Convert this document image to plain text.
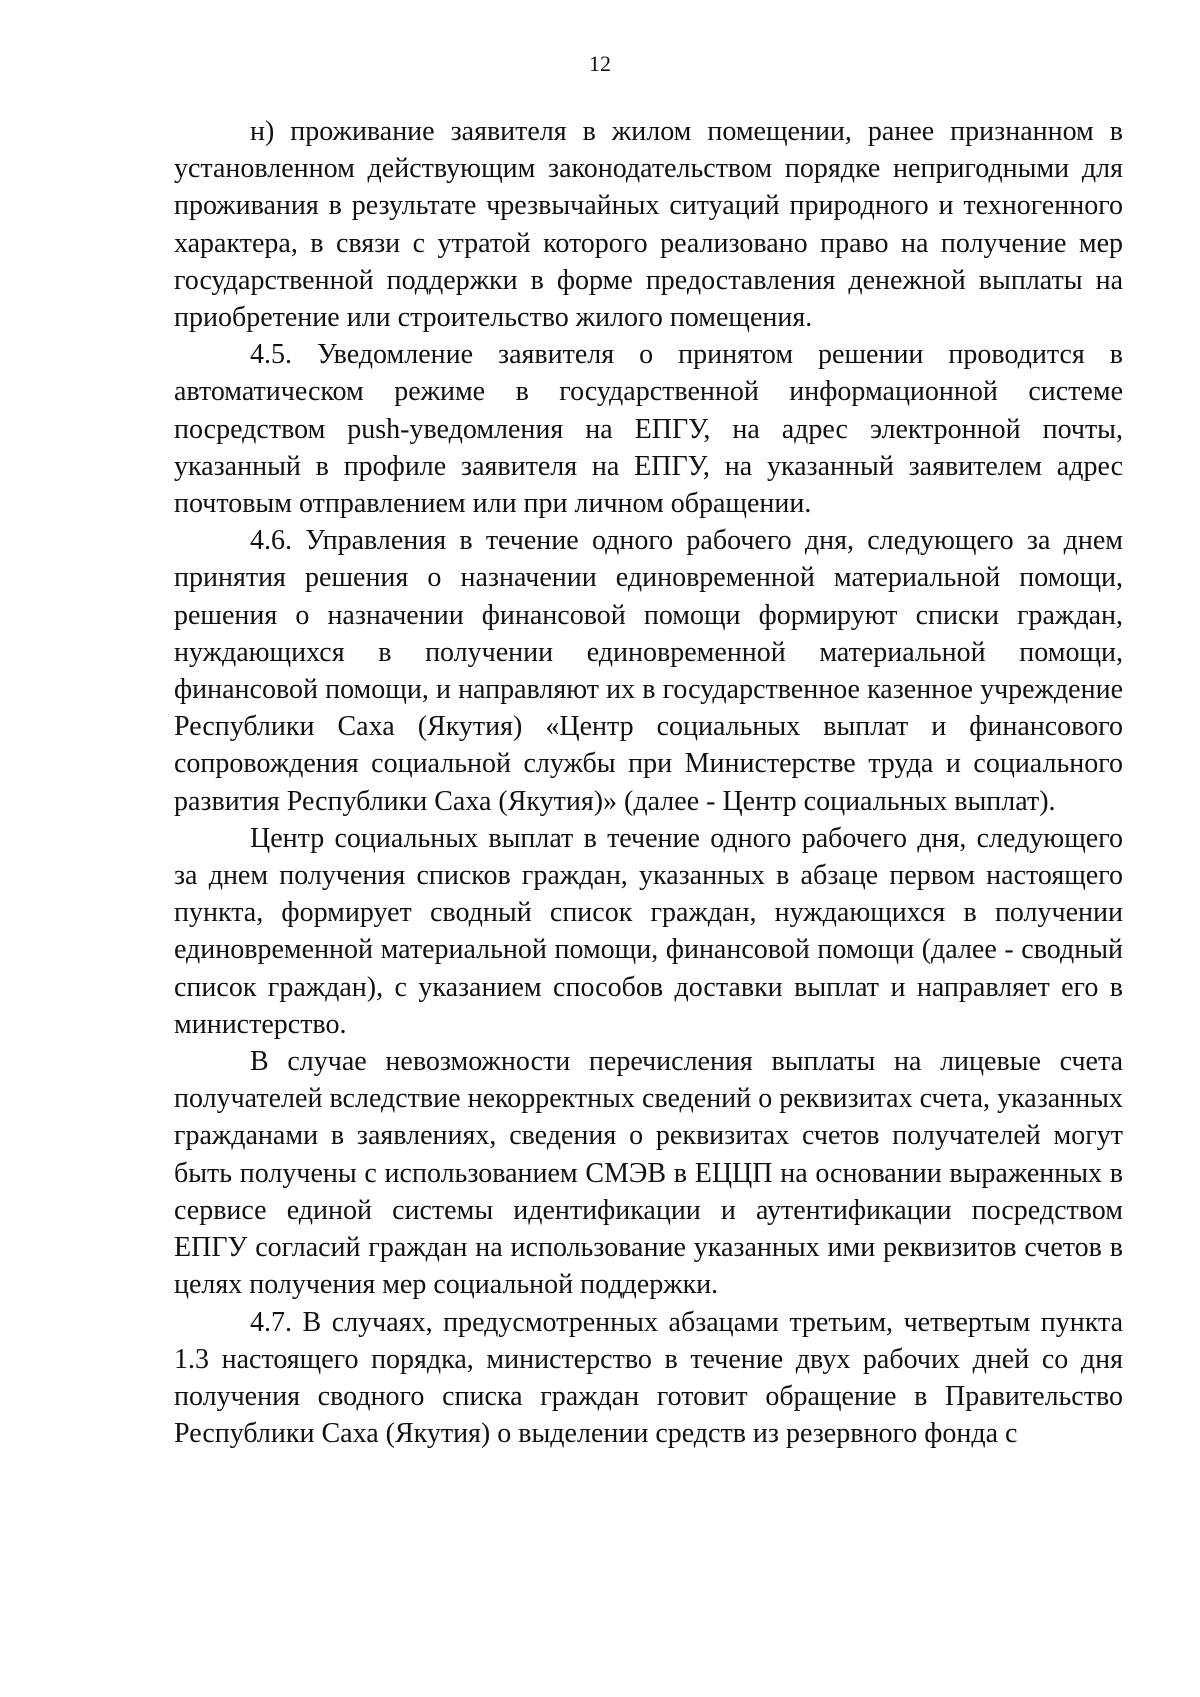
12

н) проживание заявителя в жилом помещении, ранее признанном в установленном действующим законодательством порядке непригодными для проживания в результате чрезвычайных ситуаций природного и техногенного характера, в связи с утратой которого реализовано право на получение мер государственной поддержки в форме предоставления денежной выплаты на приобретение или строительство жилого помещения.

4.5. Уведомление заявителя о принятом решении проводится в автоматическом режиме в государственной информационной системе посредством push-уведомления на ЕПГУ, на адрес электронной почты, указанный в профиле заявителя на ЕПГУ, на указанный заявителем адрес почтовым отправлением или при личном обращении.

4.6. Управления в течение одного рабочего дня, следующего за днем принятия решения о назначении единовременной материальной помощи, решения о назначении финансовой помощи формируют списки граждан, нуждающихся в получении единовременной материальной помощи, финансовой помощи, и направляют их в государственное казенное учреждение Республики Саха (Якутия) «Центр социальных выплат и финансового сопровождения социальной службы при Министерстве труда и социального развития Республики Саха (Якутия)» (далее - Центр социальных выплат).

Центр социальных выплат в течение одного рабочего дня, следующего за днем получения списков граждан, указанных в абзаце первом настоящего пункта, формирует сводный список граждан, нуждающихся в получении единовременной материальной помощи, финансовой помощи (далее - сводный список граждан), с указанием способов доставки выплат и направляет его в министерство.

В случае невозможности перечисления выплаты на лицевые счета получателей вследствие некорректных сведений о реквизитах счета, указанных гражданами в заявлениях, сведения о реквизитах счетов получателей могут быть получены с использованием СМЭВ в ЕЦЦП на основании выраженных в сервисе единой системы идентификации и аутентификации посредством ЕПГУ согласий граждан на использование указанных ими реквизитов счетов в целях получения мер социальной поддержки.

4.7. В случаях, предусмотренных абзацами третьим, четвертым пункта 1.3 настоящего порядка, министерство в течение двух рабочих дней со дня получения сводного списка граждан готовит обращение в Правительство Республики Саха (Якутия) о выделении средств из резервного фонда с
